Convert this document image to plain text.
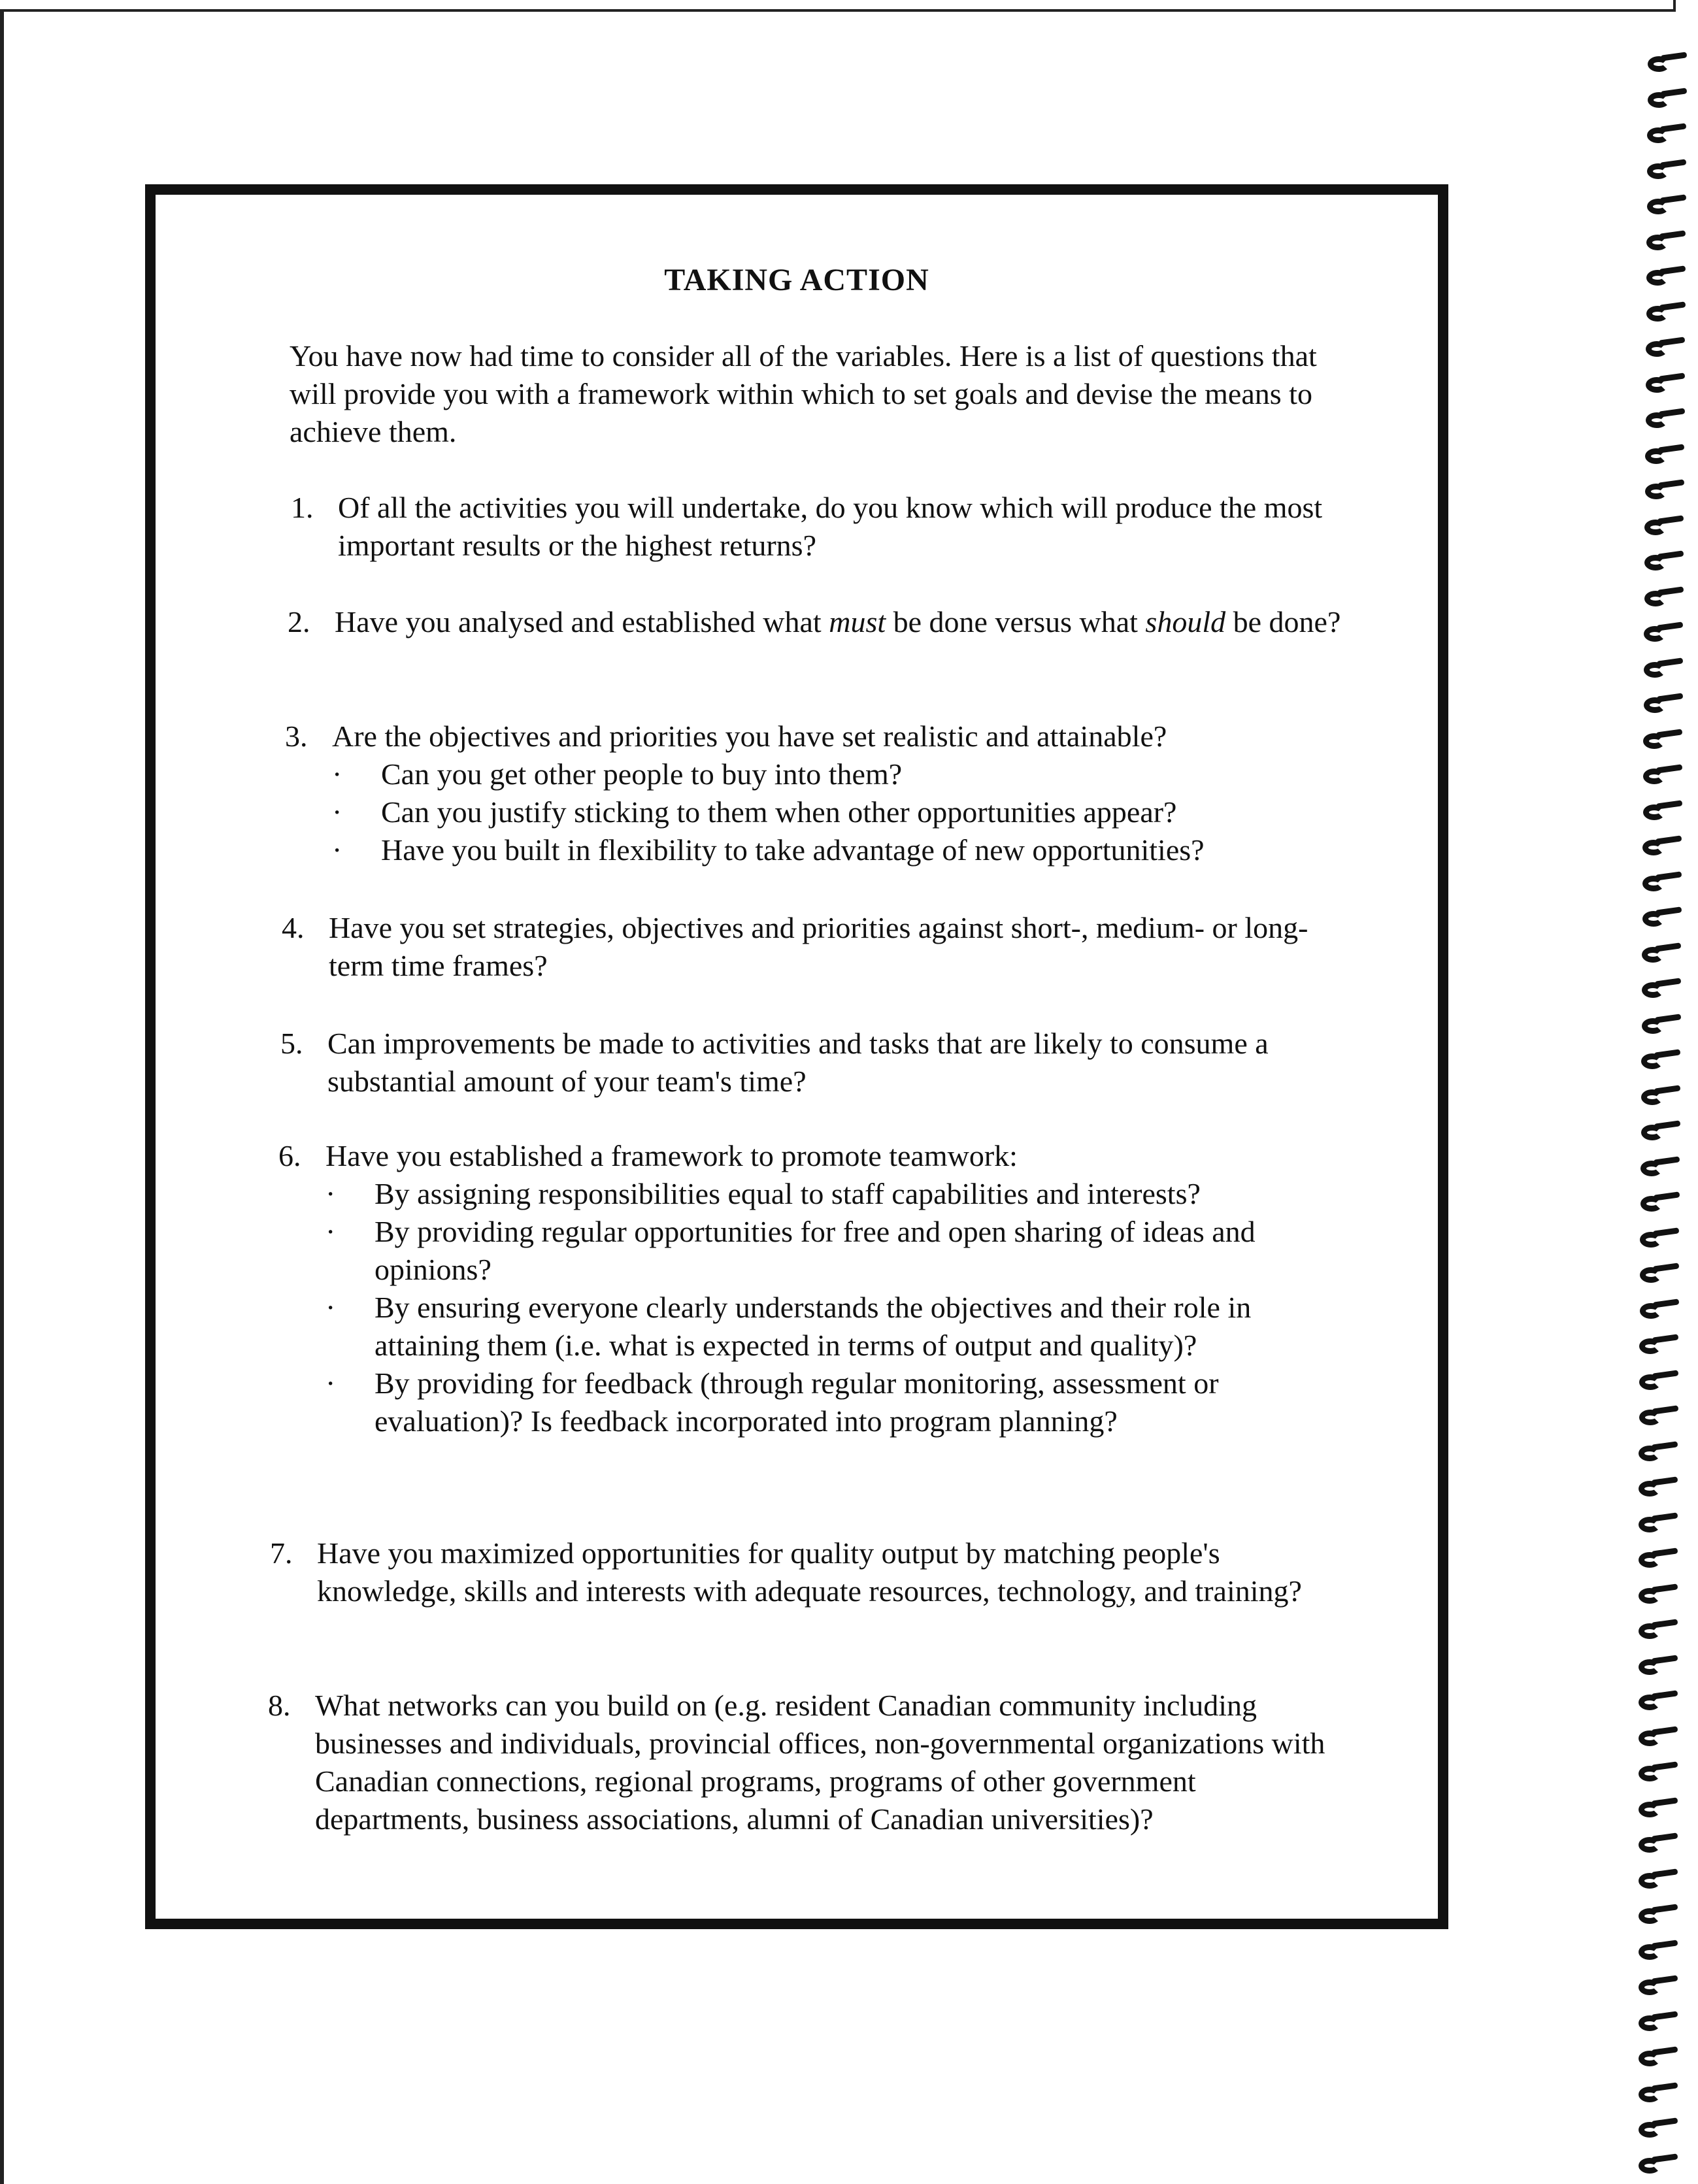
TAKING ACTION
You have now had time to consider all of the variables. Here is a list of questions that will provide you with a framework within which to set goals and devise the means to achieve them.
1. Of all the activities you will undertake, do you know which will produce the most important results or the highest returns?
2. Have you analysed and established what must be done versus what should be done?
3. Are the objectives and priorities you have set realistic and attainable?
·	Can you get other people to buy into them?
·	Can you justify sticking to them when other opportunities appear?
·	Have you built in flexibility to take advantage of new opportunities?
4. Have you set strategies, objectives and priorities against short-, medium- or long-term time frames?
5. Can improvements be made to activities and tasks that are likely to consume a substantial amount of your team's time?
6. Have you established a framework to promote teamwork:
·	By assigning responsibilities equal to staff capabilities and interests?
·	By providing regular opportunities for free and open sharing of ideas and opinions?
·	By ensuring everyone clearly understands the objectives and their role in attaining them (i.e. what is expected in terms of output and quality)?
·	By providing for feedback (through regular monitoring, assessment or evaluation)? Is feedback incorporated into program planning?
7. Have you maximized opportunities for quality output by matching people's knowledge, skills and interests with adequate resources, technology, and training?
8. What networks can you build on (e.g. resident Canadian community including businesses and individuals, provincial offices, non-governmental organizations with Canadian connections, regional programs, programs of other government departments, business associations, alumni of Canadian universities)?
